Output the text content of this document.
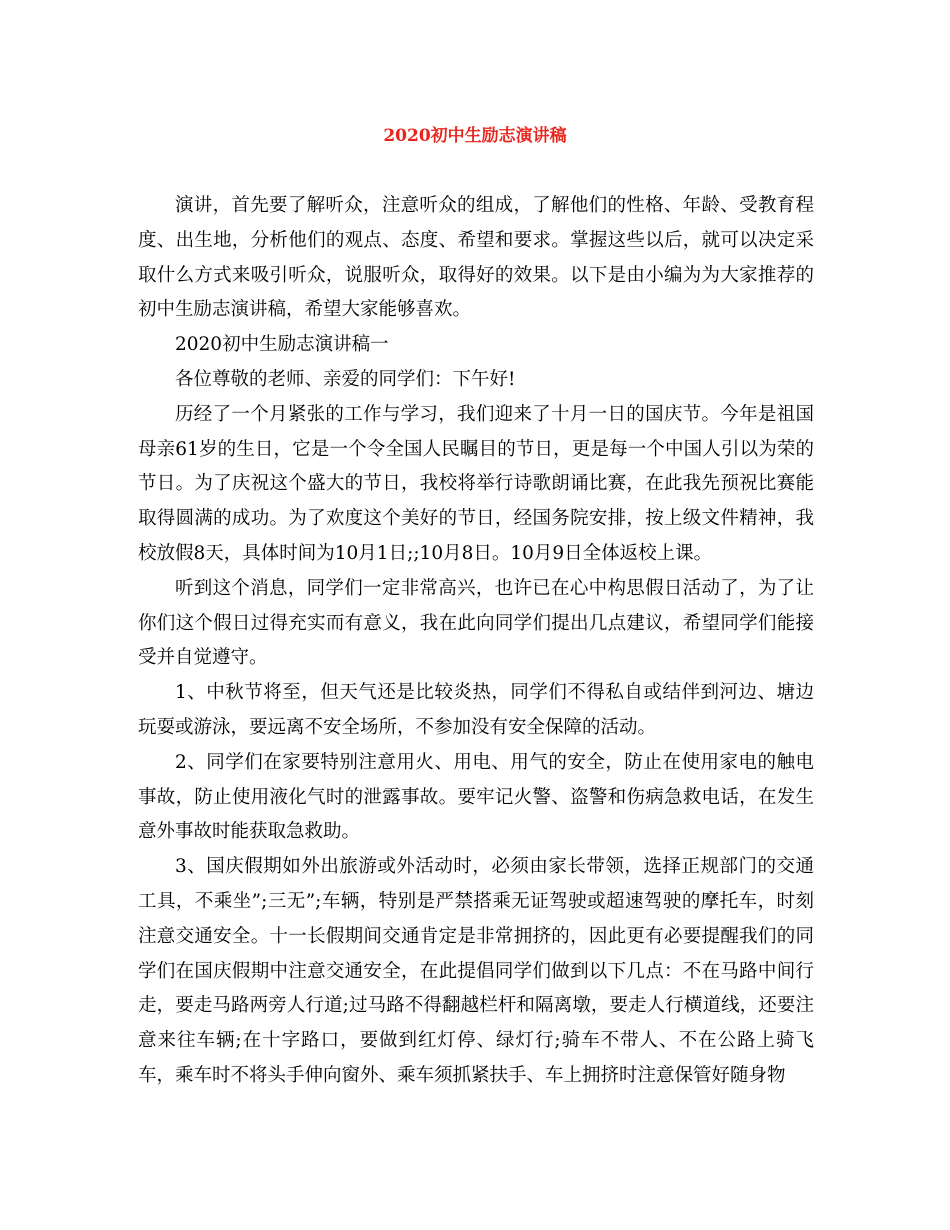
2020初中生励志演讲稿

演讲，首先要了解听众，注意听众的组成，了解他们的性格、年龄、受教育程度、出生地，分析他们的观点、态度、希望和要求。掌握这些以后，就可以决定采取什么方式来吸引听众，说服听众，取得好的效果。以下是由小编为为大家推荐的初中生励志演讲稿，希望大家能够喜欢。

2020初中生励志演讲稿一

各位尊敬的老师、亲爱的同学们：下午好!

历经了一个月紧张的工作与学习，我们迎来了十月一日的国庆节。今年是祖国母亲61岁的生日，它是一个令全国人民瞩目的节日，更是每一个中国人引以为荣的节日。为了庆祝这个盛大的节日，我校将举行诗歌朗诵比赛，在此我先预祝比赛能取得圆满的成功。为了欢度这个美好的节日，经国务院安排，按上级文件精神，我校放假8天，具体时间为10月1日;;10月8日。10月9日全体返校上课。

听到这个消息，同学们一定非常高兴，也许已在心中构思假日活动了，为了让你们这个假日过得充实而有意义，我在此向同学们提出几点建议，希望同学们能接受并自觉遵守。

1、中秋节将至，但天气还是比较炎热，同学们不得私自或结伴到河边、塘边玩耍或游泳，要远离不安全场所，不参加没有安全保障的活动。

2、同学们在家要特别注意用火、用电、用气的安全，防止在使用家电的触电事故，防止使用液化气时的泄露事故。要牢记火警、盗警和伤病急救电话，在发生意外事故时能获取急救助。

3、国庆假期如外出旅游或外活动时，必须由家长带领，选择正规部门的交通工具，不乘坐”;三无”;车辆，特别是严禁搭乘无证驾驶或超速驾驶的摩托车，时刻注意交通安全。十一长假期间交通肯定是非常拥挤的，因此更有必要提醒我们的同学们在国庆假期中注意交通安全，在此提倡同学们做到以下几点：不在马路中间行走，要走马路两旁人行道;过马路不得翻越栏杆和隔离墩，要走人行横道线，还要注意来往车辆;在十字路口，要做到红灯停、绿灯行;骑车不带人、不在公路上骑飞车，乘车时不将头手伸向窗外、乘车须抓紧扶手、车上拥挤时注意保管好随身物
